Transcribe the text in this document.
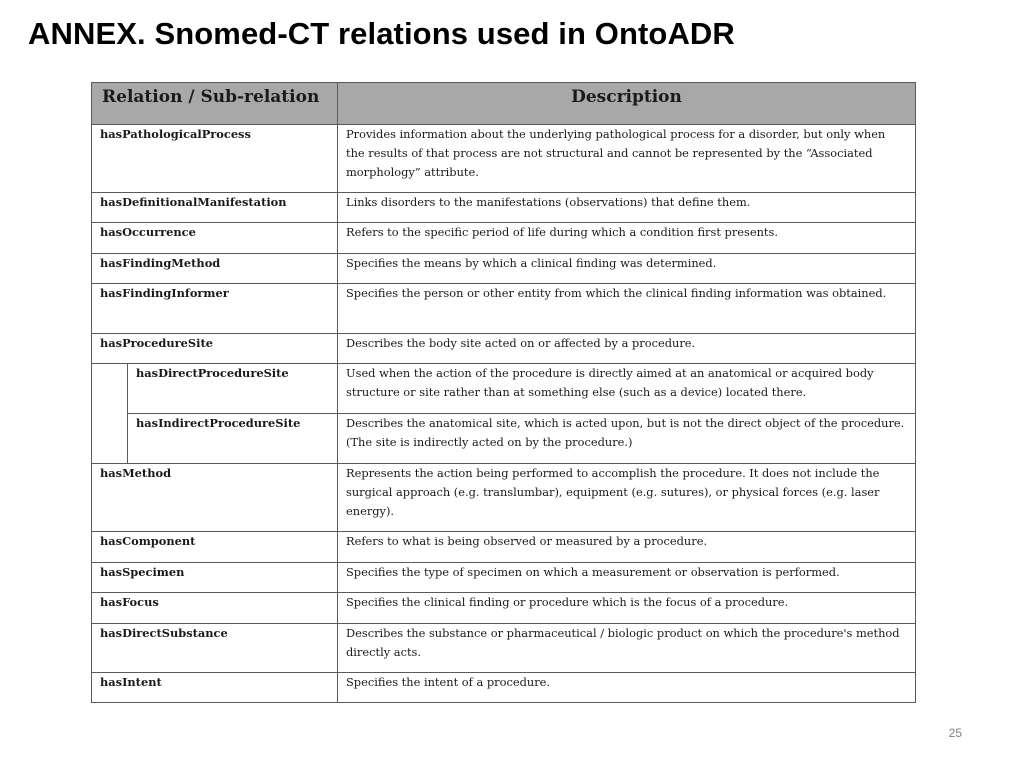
ANNEX. Snomed-CT relations used in OntoADR
Relation / Sub-relation		Description
hasPathologicalProcess		Provides information about the underlying pathological process for a disorder, but only when the results of that process are not structural and cannot be represented by the “Associated morphology” attribute.
hasDefinitionalManifestation		Links disorders to the manifestations (observations) that define them.
hasOccurrence		Refers to the specific period of life during which a condition first presents.
hasFindingMethod		Specifies the means by which a clinical finding was determined.
hasFindingInformer		Specifies the person or other entity from which the clinical finding information was obtained.
hasProcedureSite		Describes the body site acted on or affected by a procedure.
	hasDirectProcedureSite	Used when the action of the procedure is directly aimed at an anatomical or acquired body structure or site rather than at something else (such as a device) located there.
	hasIndirectProcedureSite	Describes the anatomical site, which is acted upon, but is not the direct object of the procedure. (The site is indirectly acted on by the procedure.)
hasMethod		Represents the action being performed to accomplish the procedure. It does not include the surgical approach (e.g. translumbar), equipment (e.g. sutures), or physical forces (e.g. laser energy).
hasComponent		Refers to what is being observed or measured by a procedure.
hasSpecimen		Specifies the type of specimen on which a measurement or observation is performed.
hasFocus		Specifies the clinical finding or procedure which is the focus of a procedure.
hasDirectSubstance		Describes the substance or pharmaceutical / biologic product on which the procedure's method directly acts.
hasIntent		Specifies the intent of a procedure.
25
